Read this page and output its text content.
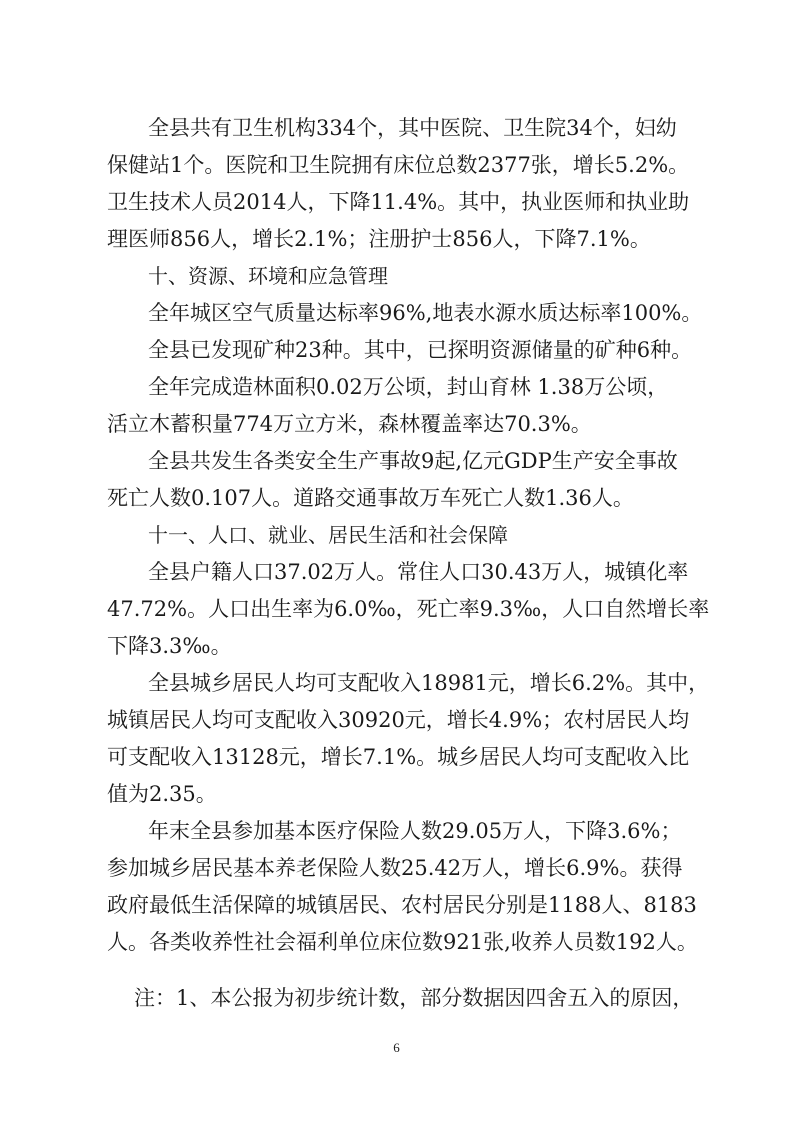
全县共有卫生机构334个，其中医院、卫生院34个，妇幼

保健站1个。医院和卫生院拥有床位总数2377张，增长5.2%。

卫生技术人员2014人，下降11.4%。其中，执业医师和执业助

理医师856人，增长2.1%；注册护士856人，下降7.1%。

十、资源、环境和应急管理

全年城区空气质量达标率96%,地表水源水质达标率100%。

全县已发现矿种23种。其中，已探明资源储量的矿种6种。

全年完成造林面积0.02万公顷，封山育林 1.38万公顷，

活立木蓄积量774万立方米，森林覆盖率达70.3%。

全县共发生各类安全生产事故9起,亿元GDP生产安全事故

死亡人数0.107人。道路交通事故万车死亡人数1.36人。

十一、人口、就业、居民生活和社会保障

全县户籍人口37.02万人。常住人口30.43万人，城镇化率

47.72%。人口出生率为6.0‰，死亡率9.3‰，人口自然增长率

下降3.3‰。

全县城乡居民人均可支配收入18981元，增长6.2%。其中，

城镇居民人均可支配收入30920元，增长4.9%；农村居民人均

可支配收入13128元，增长7.1%。城乡居民人均可支配收入比

值为2.35。

年末全县参加基本医疗保险人数29.05万人，下降3.6%；

参加城乡居民基本养老保险人数25.42万人，增长6.9%。获得

政府最低生活保障的城镇居民、农村居民分别是1188人、8183

人。各类收养性社会福利单位床位数921张,收养人员数192人。

注：1、本公报为初步统计数，部分数据因四舍五入的原因，

6
